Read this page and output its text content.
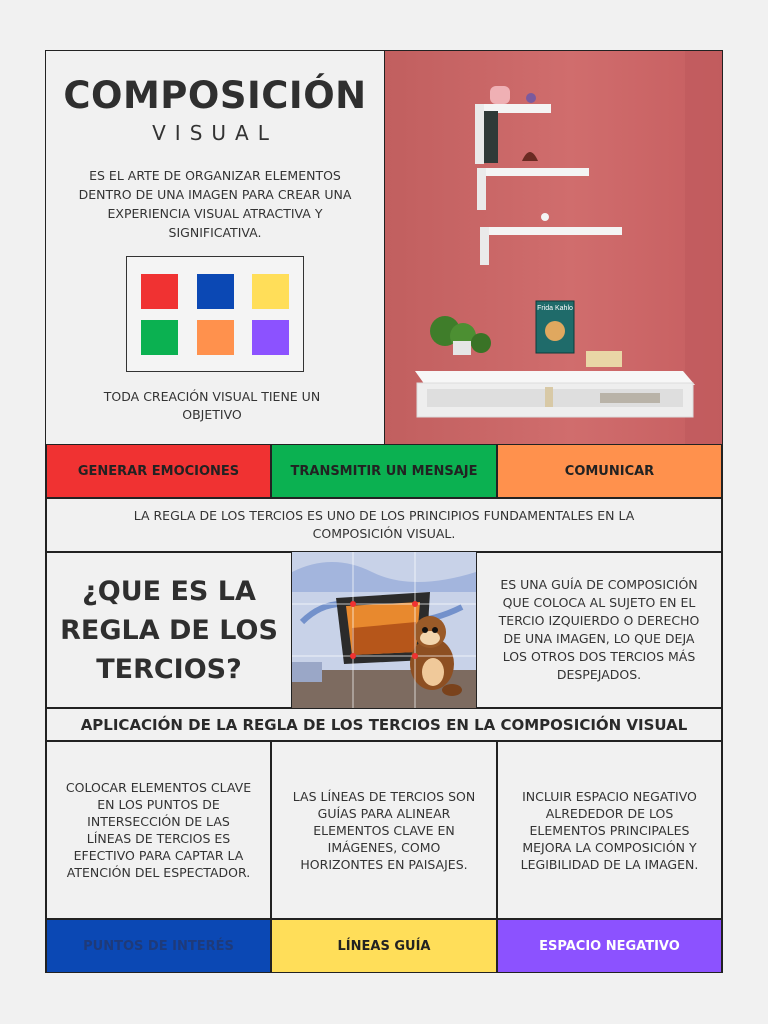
COMPOSICIÓN
VISUAL
ES EL ARTE DE ORGANIZAR ELEMENTOS DENTRO DE UNA IMAGEN PARA CREAR UNA EXPERIENCIA VISUAL ATRACTIVA Y SIGNIFICATIVA.
TODA CREACIÓN VISUAL TIENE UN OBJETIVO
Frida Kahlo
GENERAR EMOCIONES	TRANSMITIR UN MENSAJE	COMUNICAR
LA REGLA DE LOS TERCIOS ES UNO DE LOS PRINCIPIOS FUNDAMENTALES EN LA COMPOSICIÓN VISUAL.
¿QUE ES LA
REGLA DE LOS
TERCIOS?
ES UNA GUÍA DE COMPOSICIÓN QUE COLOCA AL SUJETO EN EL TERCIO IZQUIERDO O DERECHO DE UNA IMAGEN, LO QUE DEJA LOS OTROS DOS TERCIOS MÁS DESPEJADOS.
APLICACIÓN DE LA REGLA DE LOS TERCIOS EN LA COMPOSICIÓN VISUAL
COLOCAR ELEMENTOS CLAVE EN LOS PUNTOS DE INTERSECCIÓN DE LAS LÍNEAS DE TERCIOS ES EFECTIVO PARA CAPTAR LA ATENCIÓN DEL ESPECTADOR.
LAS LÍNEAS DE TERCIOS SON GUÍAS PARA ALINEAR ELEMENTOS CLAVE EN IMÁGENES, COMO HORIZONTES EN PAISAJES.
INCLUIR ESPACIO NEGATIVO ALREDEDOR DE LOS ELEMENTOS PRINCIPALES MEJORA LA COMPOSICIÓN Y LEGIBILIDAD DE LA IMAGEN.
PUNTOS DE INTERÉS	LÍNEAS GUÍA	ESPACIO NEGATIVO
